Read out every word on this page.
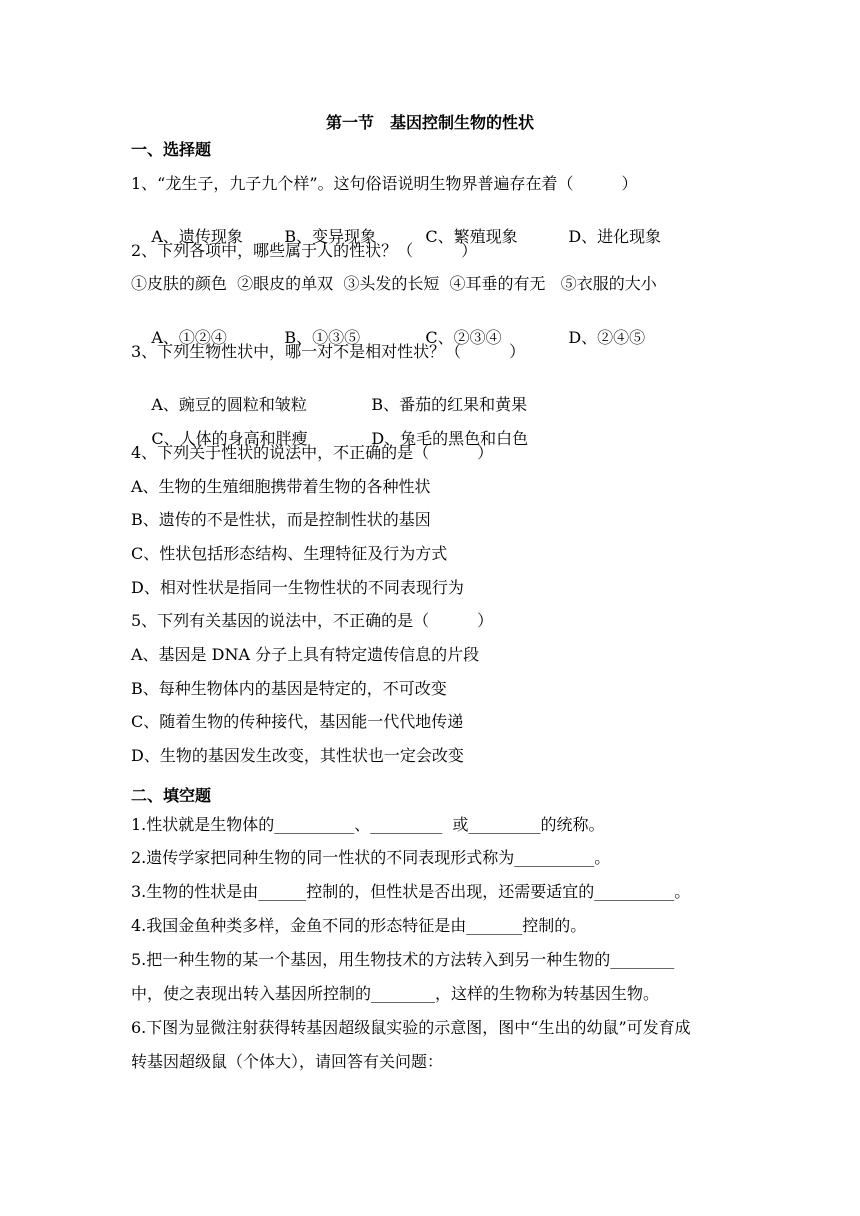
第一节　基因控制生物的性状
一、选择题
1、“龙生子，九子九个样”。这句俗语说明生物界普遍存在着（　　　）

A、遗传现象	B、变异现象	C、繁殖现象	D、进化现象

2、下列各项中，哪些属于人的性状？（　　　）
①皮肤的颜色  ②眼皮的单双  ③头发的长短  ④耳垂的有无   ⑤衣服的大小

A、①②④	B、①③⑤	C、②③④	D、②④⑤

3、下列生物性状中，哪一对不是相对性状？（　　　）

A、豌豆的圆粒和皱粒	B、番茄的红果和黄果

C、人体的身高和胖瘦	D、兔毛的黑色和白色

4、下列关于性状的说法中，不正确的是（　　　）
A、生物的生殖细胞携带着生物的各种性状
B、遗传的不是性状，而是控制性状的基因
C、性状包括形态结构、生理特征及行为方式
D、相对性状是指同一生物性状的不同表现行为
5、下列有关基因的说法中，不正确的是（　　　）
A、基因是 DNA 分子上具有特定遗传信息的片段
B、每种生物体内的基因是特定的，不可改变
C、随着生物的传种接代，基因能一代代地传递
D、生物的基因发生改变，其性状也一定会改变
二、填空题
1.性状就是生物体的__________、_________  或_________的统称。
2.遗传学家把同种生物的同一性状的不同表现形式称为__________。
3.生物的性状是由______控制的，但性状是否出现，还需要适宜的__________。
4.我国金鱼种类多样，金鱼不同的形态特征是由_______控制的。
5.把一种生物的某一个基因，用生物技术的方法转入到另一种生物的________
中，使之表现出转入基因所控制的________，这样的生物称为转基因生物。
6.下图为显微注射获得转基因超级鼠实验的示意图，图中“生出的幼鼠”可发育成
转基因超级鼠（个体大），请回答有关问题：
